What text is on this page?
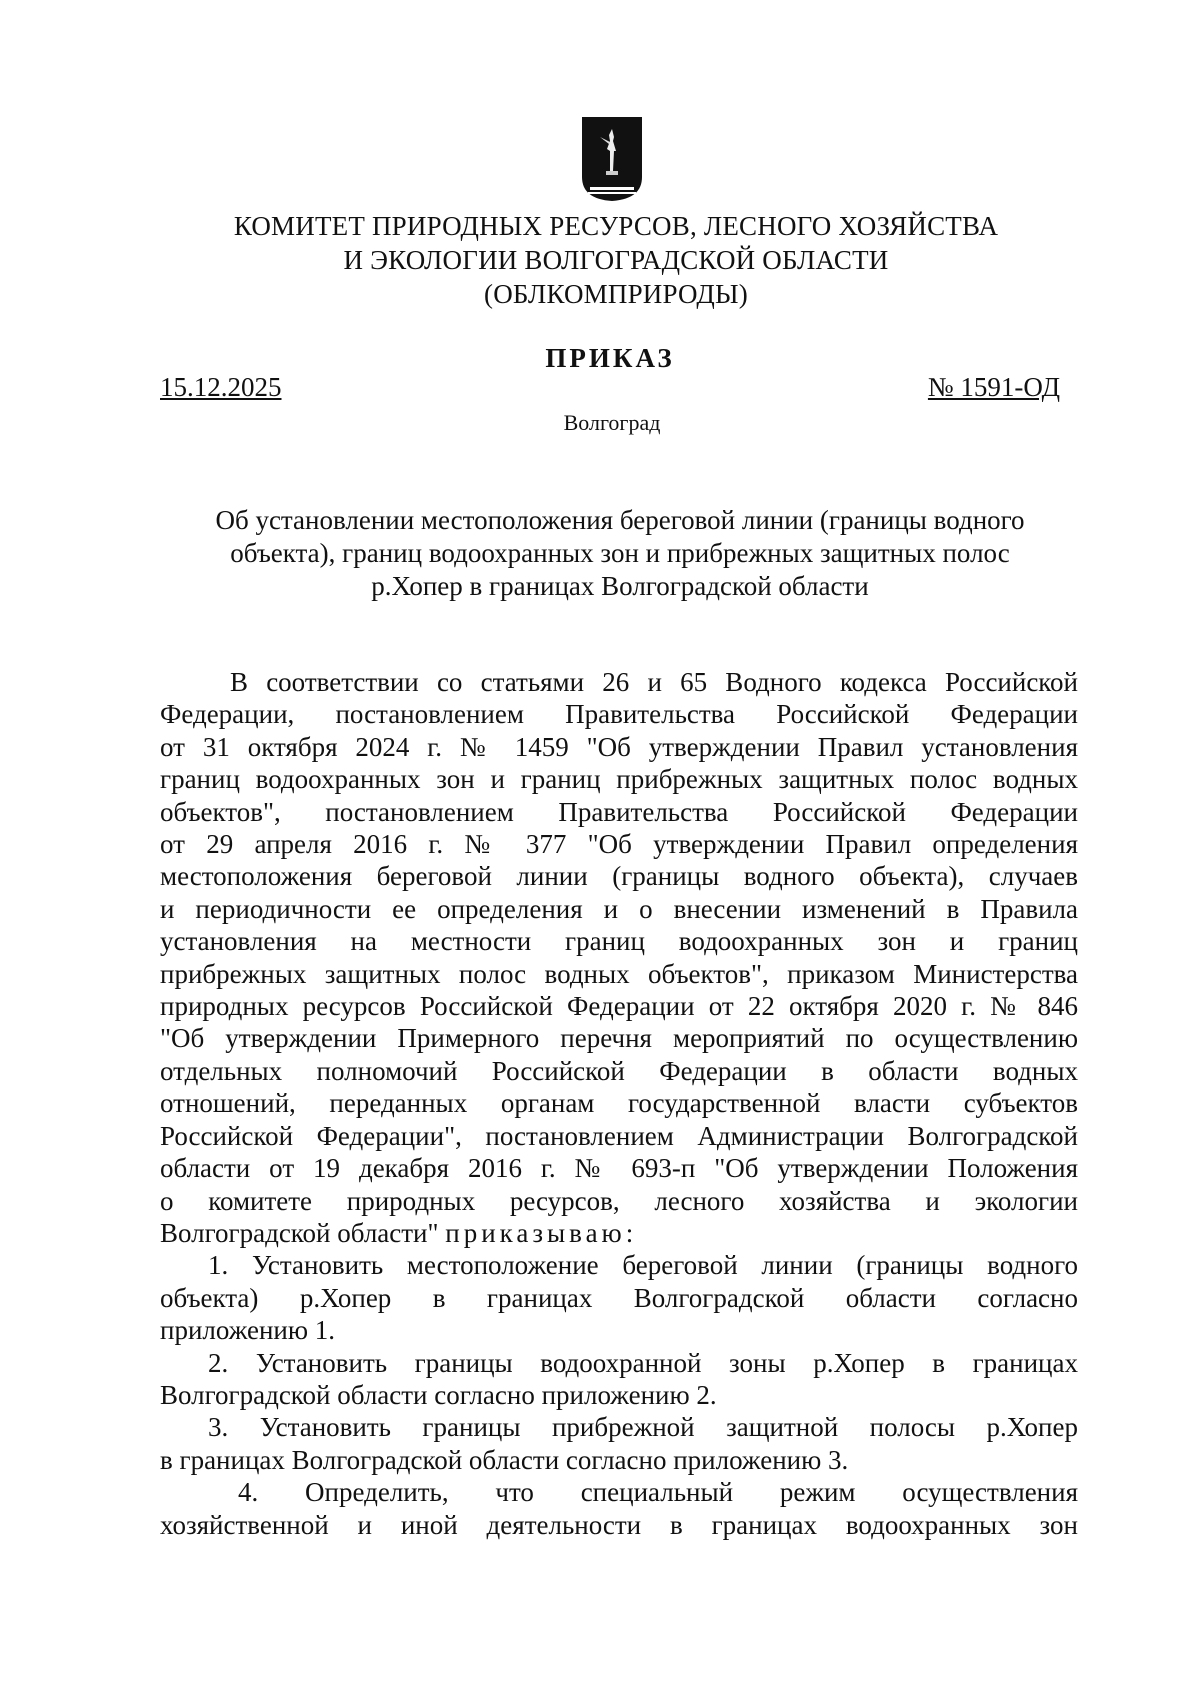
КОМИТЕТ ПРИРОДНЫХ РЕСУРСОВ, ЛЕСНОГО ХОЗЯЙСТВА
И ЭКОЛОГИИ ВОЛГОГРАДСКОЙ ОБЛАСТИ
(ОБЛКОМПРИРОДЫ)
ПРИКАЗ
15.12.2025	№ 1591-ОД
Волгоград
Об установлении местоположения береговой линии (границы водного
объекта), границ водоохранных зон и прибрежных защитных полос
р.Хопер в границах Волгоградской области
В соответствии со статьями 26 и 65 Водного кодекса Российской
Федерации, постановлением Правительства Российской Федерации
от 31 октября 2024 г. № 1459 "Об утверждении Правил установления
границ водоохранных зон и границ прибрежных защитных полос водных
объектов", постановлением Правительства Российской Федерации
от 29 апреля 2016 г. № 377 "Об утверждении Правил определения
местоположения береговой линии (границы водного объекта), случаев
и периодичности ее определения и о внесении изменений в Правила
установления на местности границ водоохранных зон и границ
прибрежных защитных полос водных объектов", приказом Министерства
природных ресурсов Российской Федерации от 22 октября 2020 г. № 846
"Об утверждении Примерного перечня мероприятий по осуществлению
отдельных полномочий Российской Федерации в области водных
отношений, переданных органам государственной власти субъектов
Российской Федерации", постановлением Администрации Волгоградской
области от 19 декабря 2016 г. № 693-п "Об утверждении Положения
о комитете природных ресурсов, лесного хозяйства и экологии
Волгоградской области" приказываю:
1. Установить местоположение береговой линии (границы водного
объекта) р.Хопер в границах Волгоградской области согласно
приложению 1.
2. Установить границы водоохранной зоны р.Хопер в границах
Волгоградской области согласно приложению 2.
3. Установить границы прибрежной защитной полосы р.Хопер
в границах Волгоградской области согласно приложению 3.
4. Определить, что специальный режим осуществления
хозяйственной и иной деятельности в границах водоохранных зон
